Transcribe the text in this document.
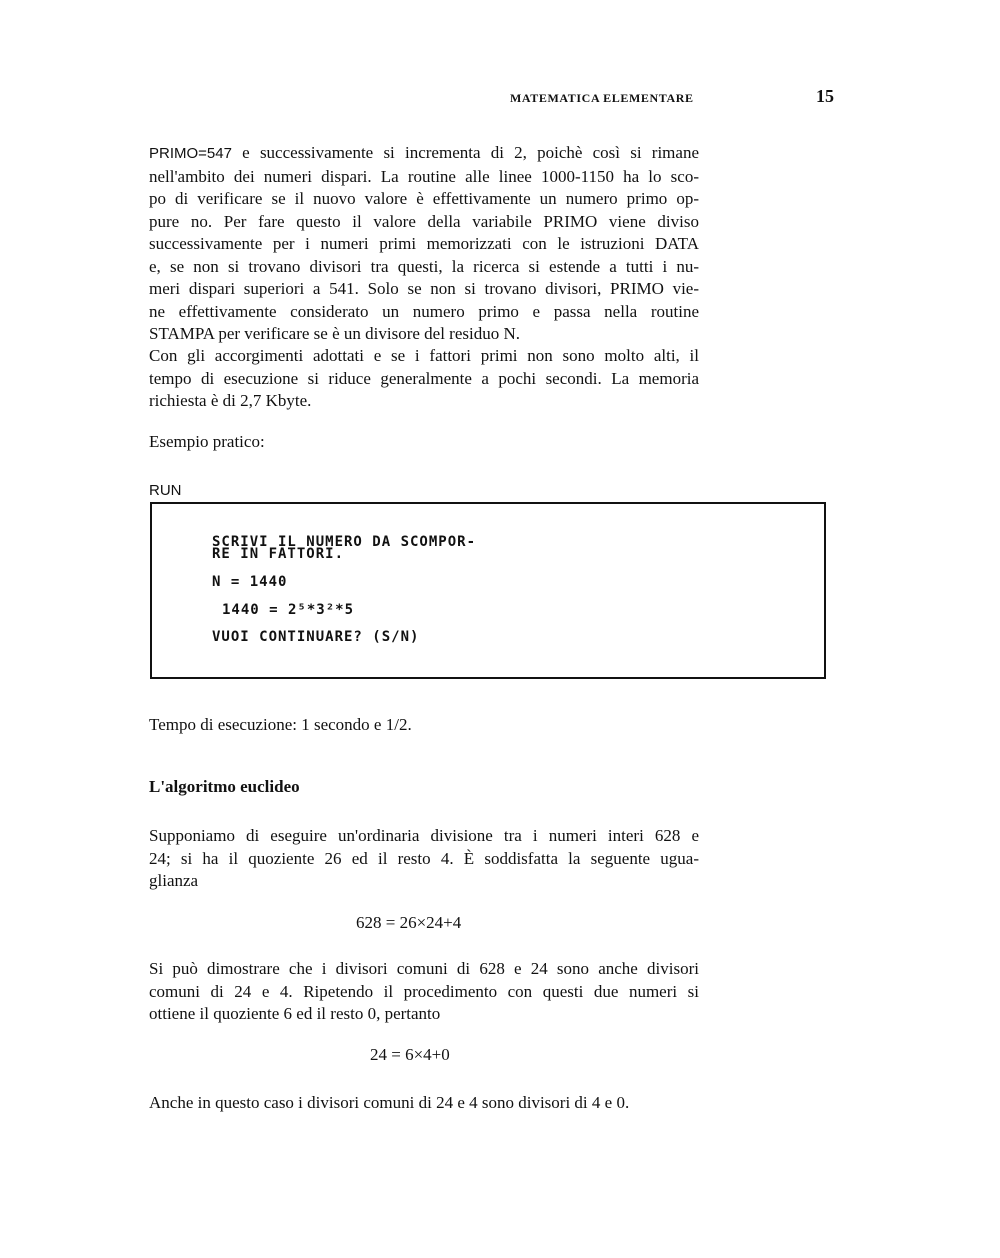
MATEMATICA ELEMENTARE	15
PRIMO=547 e successivamente si incrementa di 2, poichè così si rimane
nell'ambito dei numeri dispari. La routine alle linee 1000-1150 ha lo sco-
po di verificare se il nuovo valore è effettivamente un numero primo op-
pure no. Per fare questo il valore della variabile PRIMO viene diviso
successivamente per i numeri primi memorizzati con le istruzioni DATA
e, se non si trovano divisori tra questi, la ricerca si estende a tutti i nu-
meri dispari superiori a 541. Solo se non si trovano divisori, PRIMO vie-
ne effettivamente considerato un numero primo e passa nella routine
STAMPA per verificare se è un divisore del residuo N.
Con gli accorgimenti adottati e se i fattori primi non sono molto alti, il
tempo di esecuzione si riduce generalmente a pochi secondi. La memoria
richiesta è di 2,7 Kbyte.
Esempio pratico:
RUN
SCRIVI IL NUMERO DA SCOMPOR-
RE IN FATTORI.
N = 1440
1440 = 2⁵*3²*5
VUOI CONTINUARE? (S/N)
Tempo di esecuzione: 1 secondo e 1/2.
L'algoritmo euclideo
Supponiamo di eseguire un'ordinaria divisione tra i numeri interi 628 e
24; si ha il quoziente 26 ed il resto 4. È soddisfatta la seguente ugua-
glianza
628 = 26×24+4
Si può dimostrare che i divisori comuni di 628 e 24 sono anche divisori
comuni di 24 e 4. Ripetendo il procedimento con questi due numeri si
ottiene il quoziente 6 ed il resto 0, pertanto
24 = 6×4+0
Anche in questo caso i divisori comuni di 24 e 4 sono divisori di 4 e 0.
